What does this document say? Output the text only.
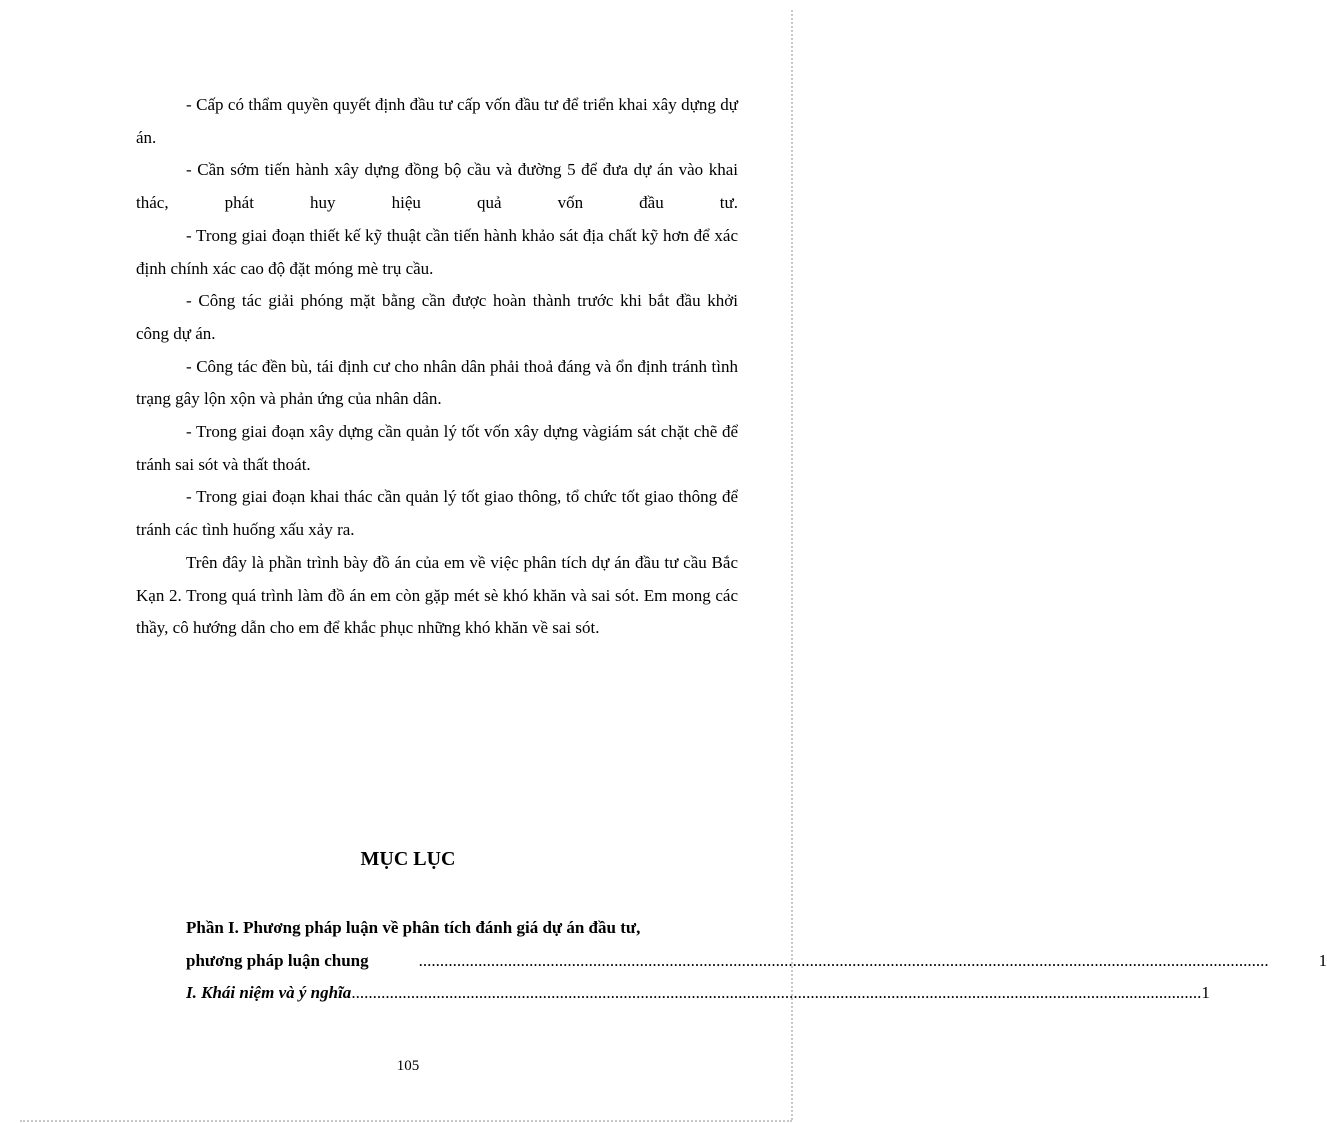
- Cấp có thẩm quyền quyết định đầu tư cấp vốn đầu tư để triển khai xây dựng dự án.

- Cần sớm tiến hành xây dựng đồng bộ cầu và đường 5 để đưa dự án vào khai thác, phát huy hiệu quả vốn đầu tư.

- Trong giai đoạn thiết kế kỹ thuật cần tiến hành khảo sát địa chất kỹ hơn để xác định chính xác cao độ đặt móng mè trụ cầu.

- Công tác giải phóng mặt bằng cần được hoàn thành trước khi bắt đầu khởi công dự án.

- Công tác đền bù, tái định cư cho nhân dân phải thoả đáng và ổn định tránh tình trạng gây lộn xộn và phản ứng của nhân dân.

- Trong giai đoạn xây dựng cần quản lý tốt vốn xây dựng vàgiám sát chặt chẽ để tránh sai sót và thất thoát.

- Trong giai đoạn khai thác cần quản lý tốt giao thông, tổ chức tốt giao thông để tránh các tình huống xấu xảy ra.

Trên đây là phần trình bày đồ án của em về việc phân tích dự án đầu tư cầu Bắc Kạn 2. Trong quá trình làm đồ án em còn gặp mét sè khó khăn và sai sót. Em mong các thầy, cô hướng dẫn cho em để khắc phục những khó khăn về sai sót.

MỤC LỤC
Phần I. Phương pháp luận về phân tích đánh giá dự án đầu tư,
phương pháp luận chung	........................................................................................................................................................................................................	1
I. Khái niệm và ý nghĩa ........................................................................................................................................................................................................ 1
105
